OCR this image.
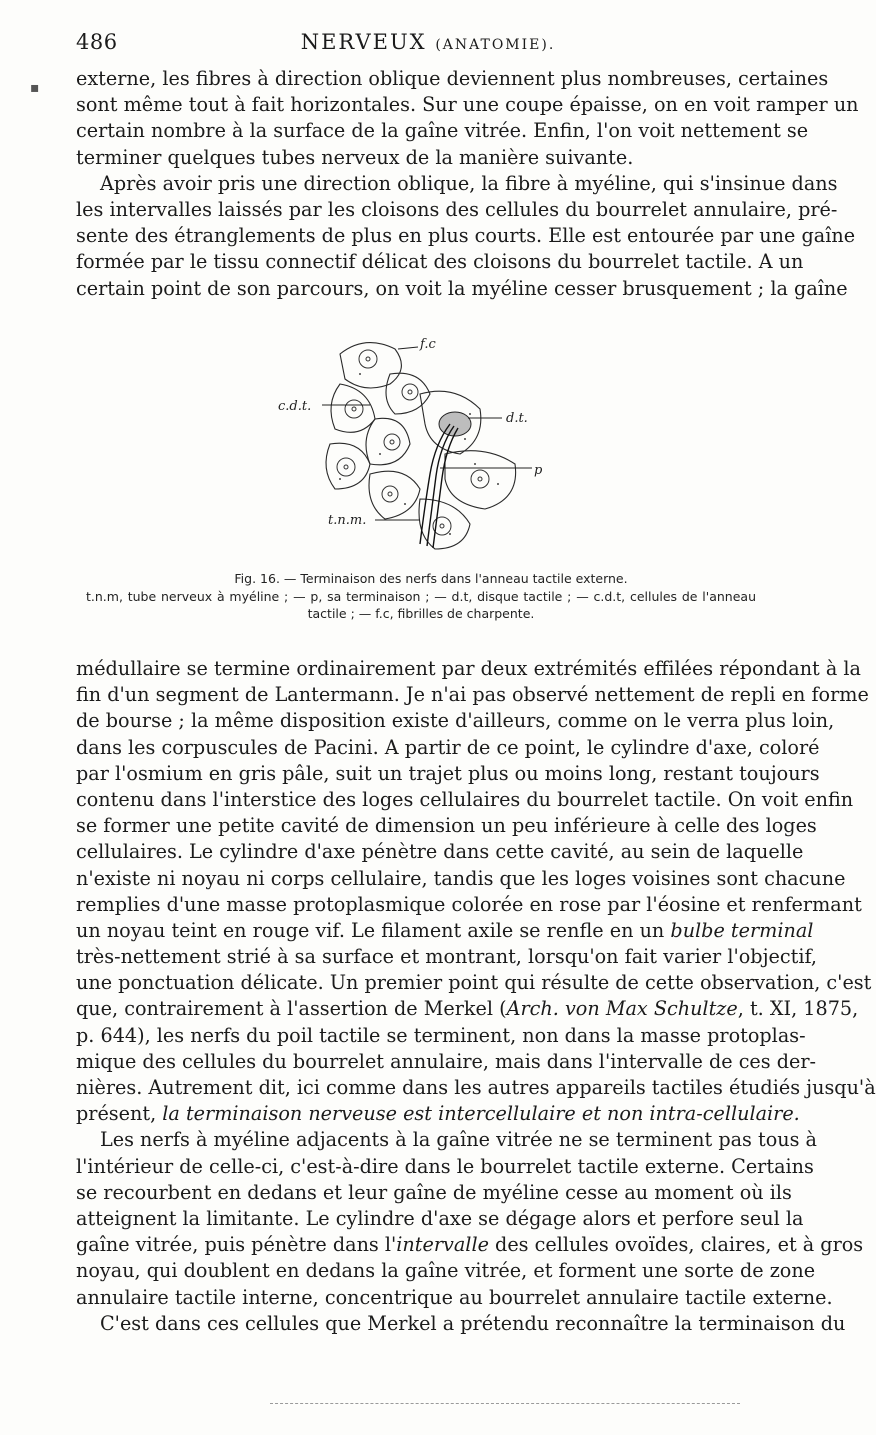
486	NERVEUX (ANATOMIE).
▪ externe, les fibres à direction oblique deviennent plus nombreuses, certaines
sont même tout à fait horizontales. Sur une coupe épaisse, on en voit ramper un
certain nombre à la surface de la gaîne vitrée. Enfin, l'on voit nettement se
terminer quelques tubes nerveux de la manière suivante.
Après avoir pris une direction oblique, la fibre à myéline, qui s'insinue dans
les intervalles laissés par les cloisons des cellules du bourrelet annulaire, pré-
sente des étranglements de plus en plus courts. Elle est entourée par une gaîne
formée par le tissu connectif délicat des cloisons du bourrelet tactile. A un
certain point de son parcours, on voit la myéline cesser brusquement ; la gaîne
f.c
c.d.t.
d.t.
p
t.n.m.
Fig. 16. — Terminaison des nerfs dans l'anneau tactile externe.
t.n.m, tube nerveux à myéline ; — p, sa terminaison ; — d.t, disque tactile ; — c.d.t, cellules de l'anneau tactile ; — f.c, fibrilles de charpente.
médullaire se termine ordinairement par deux extrémités effilées répondant à la
fin d'un segment de Lantermann. Je n'ai pas observé nettement de repli en forme
de bourse ; la même disposition existe d'ailleurs, comme on le verra plus loin,
dans les corpuscules de Pacini. A partir de ce point, le cylindre d'axe, coloré
par l'osmium en gris pâle, suit un trajet plus ou moins long, restant toujours
contenu dans l'interstice des loges cellulaires du bourrelet tactile. On voit enfin
se former une petite cavité de dimension un peu inférieure à celle des loges
cellulaires. Le cylindre d'axe pénètre dans cette cavité, au sein de laquelle
n'existe ni noyau ni corps cellulaire, tandis que les loges voisines sont chacune
remplies d'une masse protoplasmique colorée en rose par l'éosine et renfermant
un noyau teint en rouge vif. Le filament axile se renfle en un bulbe terminal
très-nettement strié à sa surface et montrant, lorsqu'on fait varier l'objectif,
une ponctuation délicate. Un premier point qui résulte de cette observation, c'est
que, contrairement à l'assertion de Merkel (Arch. von Max Schultze, t. XI, 1875,
p. 644), les nerfs du poil tactile se terminent, non dans la masse protoplas-
mique des cellules du bourrelet annulaire, mais dans l'intervalle de ces der-
nières. Autrement dit, ici comme dans les autres appareils tactiles étudiés jusqu'à
présent, la terminaison nerveuse est intercellulaire et non intra-cellulaire.
Les nerfs à myéline adjacents à la gaîne vitrée ne se terminent pas tous à
l'intérieur de celle-ci, c'est-à-dire dans le bourrelet tactile externe. Certains
se recourbent en dedans et leur gaîne de myéline cesse au moment où ils
atteignent la limitante. Le cylindre d'axe se dégage alors et perfore seul la
gaîne vitrée, puis pénètre dans l'intervalle des cellules ovoïdes, claires, et à gros
noyau, qui doublent en dedans la gaîne vitrée, et forment une sorte de zone
annulaire tactile interne, concentrique au bourrelet annulaire tactile externe.
C'est dans ces cellules que Merkel a prétendu reconnaître la terminaison du
